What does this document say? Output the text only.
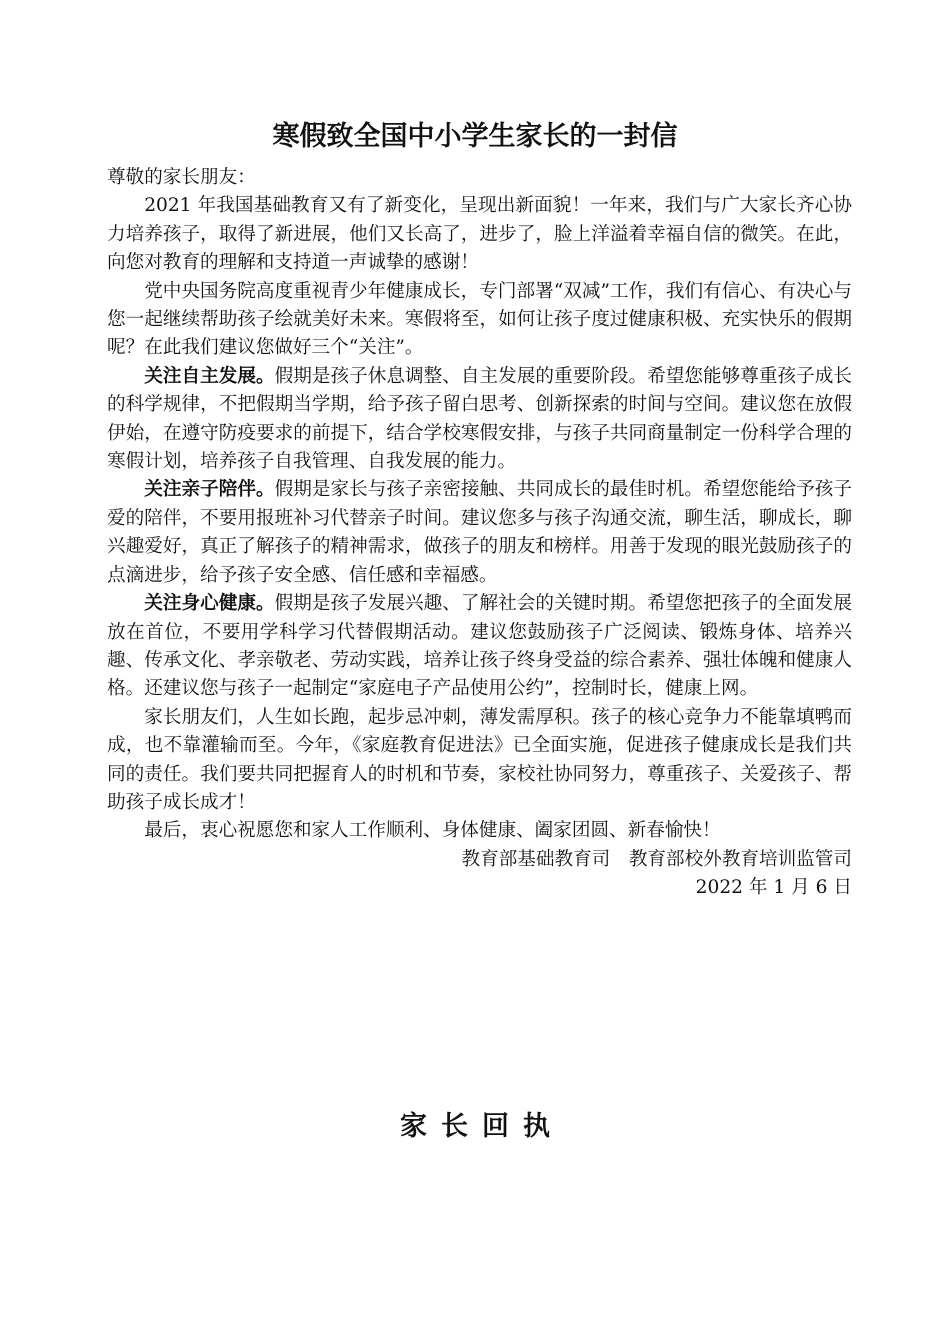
寒假致全国中小学生家长的一封信

尊敬的家长朋友：

2021 年我国基础教育又有了新变化，呈现出新面貌！一年来，我们与广大家长齐心协力培养孩子，取得了新进展，他们又长高了，进步了，脸上洋溢着幸福自信的微笑。在此，向您对教育的理解和支持道一声诚挚的感谢！

党中央国务院高度重视青少年健康成长，专门部署“双减”工作，我们有信心、有决心与您一起继续帮助孩子绘就美好未来。寒假将至，如何让孩子度过健康积极、充实快乐的假期呢？在此我们建议您做好三个“关注”。

关注自主发展。假期是孩子休息调整、自主发展的重要阶段。希望您能够尊重孩子成长的科学规律，不把假期当学期，给予孩子留白思考、创新探索的时间与空间。建议您在放假伊始，在遵守防疫要求的前提下，结合学校寒假安排，与孩子共同商量制定一份科学合理的寒假计划，培养孩子自我管理、自我发展的能力。

关注亲子陪伴。假期是家长与孩子亲密接触、共同成长的最佳时机。希望您能给予孩子爱的陪伴，不要用报班补习代替亲子时间。建议您多与孩子沟通交流，聊生活，聊成长，聊兴趣爱好，真正了解孩子的精神需求，做孩子的朋友和榜样。用善于发现的眼光鼓励孩子的点滴进步，给予孩子安全感、信任感和幸福感。

关注身心健康。假期是孩子发展兴趣、了解社会的关键时期。希望您把孩子的全面发展放在首位，不要用学科学习代替假期活动。建议您鼓励孩子广泛阅读、锻炼身体、培养兴趣、传承文化、孝亲敬老、劳动实践，培养让孩子终身受益的综合素养、强壮体魄和健康人格。还建议您与孩子一起制定“家庭电子产品使用公约”，控制时长，健康上网。

家长朋友们，人生如长跑，起步忌冲刺，薄发需厚积。孩子的核心竞争力不能靠填鸭而成，也不靠灌输而至。今年，《家庭教育促进法》已全面实施，促进孩子健康成长是我们共同的责任。我们要共同把握育人的时机和节奏，家校社协同努力，尊重孩子、关爱孩子、帮助孩子成长成才！

最后，衷心祝愿您和家人工作顺利、身体健康、阖家团圆、新春愉快！

教育部基础教育司　教育部校外教育培训监管司

2022 年 1 月 6 日

家长回执
